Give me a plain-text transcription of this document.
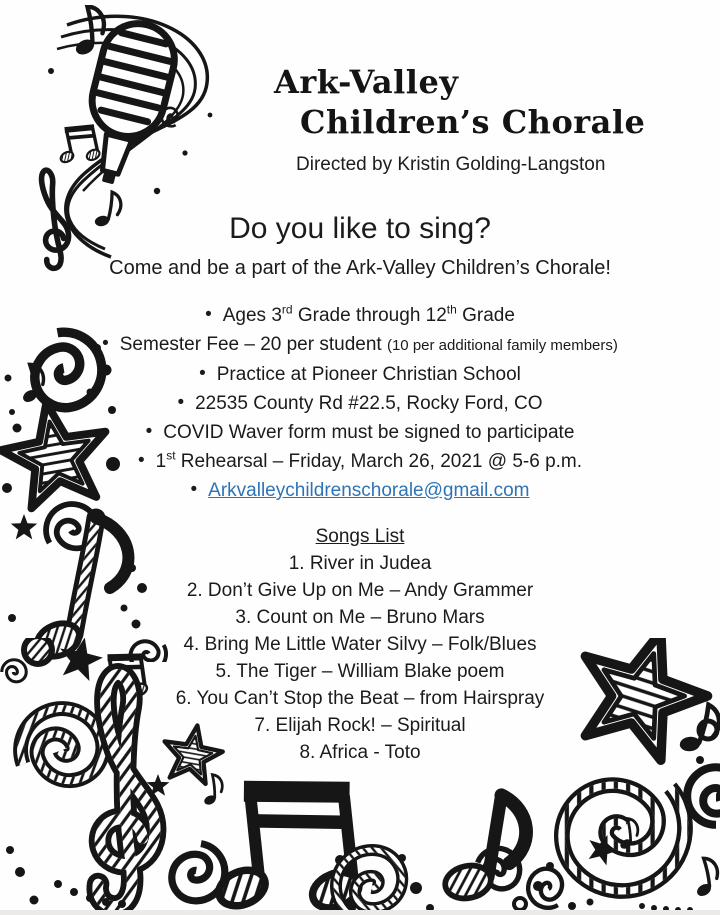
Ark-Valley
Children’s Chorale
Directed by Kristin Golding-Langston
Do you like to sing?
Come and be a part of the Ark-Valley Children’s Chorale!
• Ages 3rd Grade through 12th Grade
• Semester Fee – 20 per student (10 per additional family members)
• Practice at Pioneer Christian School
• 22535 County Rd #22.5, Rocky Ford, CO
• COVID Waver form must be signed to participate
• 1st Rehearsal – Friday, March 26, 2021 @ 5-6 p.m.
• Arkvalleychildrenschorale@gmail.com
Songs List
1. River in Judea
2. Don’t Give Up on Me – Andy Grammer
3. Count on Me – Bruno Mars
4. Bring Me Little Water Silvy – Folk/Blues
5. The Tiger – William Blake poem
6. You Can’t Stop the Beat – from Hairspray
7. Elijah Rock! – Spiritual
8. Africa - Toto
